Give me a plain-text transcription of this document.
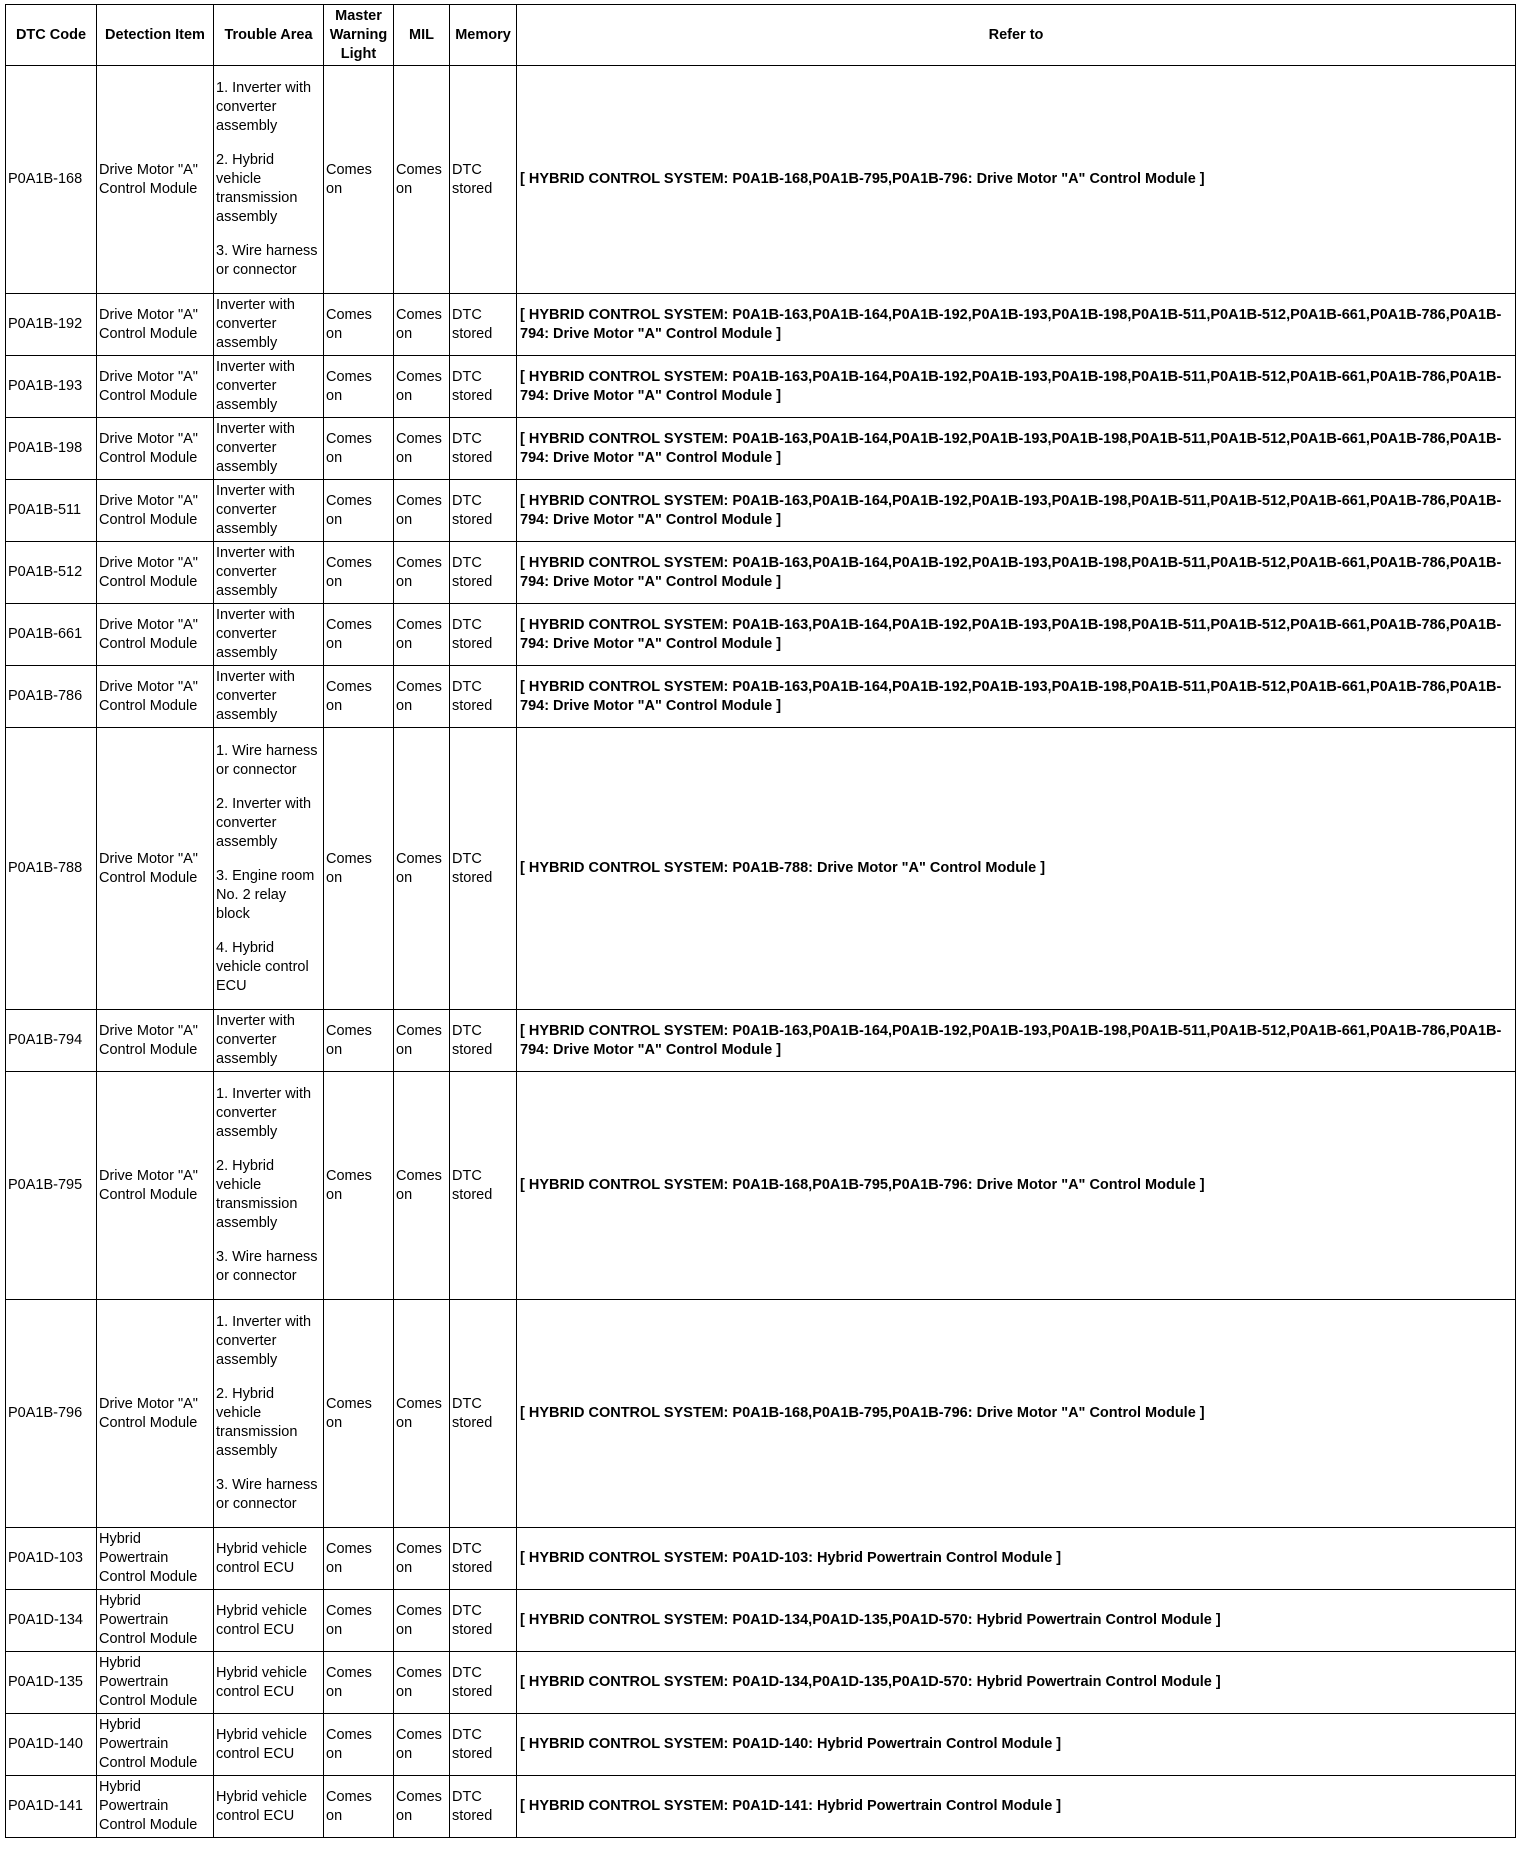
DTC Code	Detection Item	Trouble Area	Master Warning Light	MIL	Memory	Refer to
P0A1B-168	Drive Motor "A" Control Module	1. Inverter with converter assembly
2. Hybrid vehicle transmission assembly
3. Wire harness or connector	Comes on	Comes on	DTC stored	[ HYBRID CONTROL SYSTEM: P0A1B-168,P0A1B-795,P0A1B-796: Drive Motor "A" Control Module ]
P0A1B-192	Drive Motor "A" Control Module	Inverter with converter assembly	Comes on	Comes on	DTC stored	[ HYBRID CONTROL SYSTEM: P0A1B-163,P0A1B-164,P0A1B-192,P0A1B-193,P0A1B-198,P0A1B-511,P0A1B-512,P0A1B-661,P0A1B-786,P0A1B-794: Drive Motor "A" Control Module ]
P0A1B-193	Drive Motor "A" Control Module	Inverter with converter assembly	Comes on	Comes on	DTC stored	[ HYBRID CONTROL SYSTEM: P0A1B-163,P0A1B-164,P0A1B-192,P0A1B-193,P0A1B-198,P0A1B-511,P0A1B-512,P0A1B-661,P0A1B-786,P0A1B-794: Drive Motor "A" Control Module ]
P0A1B-198	Drive Motor "A" Control Module	Inverter with converter assembly	Comes on	Comes on	DTC stored	[ HYBRID CONTROL SYSTEM: P0A1B-163,P0A1B-164,P0A1B-192,P0A1B-193,P0A1B-198,P0A1B-511,P0A1B-512,P0A1B-661,P0A1B-786,P0A1B-794: Drive Motor "A" Control Module ]
P0A1B-511	Drive Motor "A" Control Module	Inverter with converter assembly	Comes on	Comes on	DTC stored	[ HYBRID CONTROL SYSTEM: P0A1B-163,P0A1B-164,P0A1B-192,P0A1B-193,P0A1B-198,P0A1B-511,P0A1B-512,P0A1B-661,P0A1B-786,P0A1B-794: Drive Motor "A" Control Module ]
P0A1B-512	Drive Motor "A" Control Module	Inverter with converter assembly	Comes on	Comes on	DTC stored	[ HYBRID CONTROL SYSTEM: P0A1B-163,P0A1B-164,P0A1B-192,P0A1B-193,P0A1B-198,P0A1B-511,P0A1B-512,P0A1B-661,P0A1B-786,P0A1B-794: Drive Motor "A" Control Module ]
P0A1B-661	Drive Motor "A" Control Module	Inverter with converter assembly	Comes on	Comes on	DTC stored	[ HYBRID CONTROL SYSTEM: P0A1B-163,P0A1B-164,P0A1B-192,P0A1B-193,P0A1B-198,P0A1B-511,P0A1B-512,P0A1B-661,P0A1B-786,P0A1B-794: Drive Motor "A" Control Module ]
P0A1B-786	Drive Motor "A" Control Module	Inverter with converter assembly	Comes on	Comes on	DTC stored	[ HYBRID CONTROL SYSTEM: P0A1B-163,P0A1B-164,P0A1B-192,P0A1B-193,P0A1B-198,P0A1B-511,P0A1B-512,P0A1B-661,P0A1B-786,P0A1B-794: Drive Motor "A" Control Module ]
P0A1B-788	Drive Motor "A" Control Module	1. Wire harness or connector
2. Inverter with converter assembly
3. Engine room No. 2 relay block
4. Hybrid vehicle control ECU	Comes on	Comes on	DTC stored	[ HYBRID CONTROL SYSTEM: P0A1B-788: Drive Motor "A" Control Module ]
P0A1B-794	Drive Motor "A" Control Module	Inverter with converter assembly	Comes on	Comes on	DTC stored	[ HYBRID CONTROL SYSTEM: P0A1B-163,P0A1B-164,P0A1B-192,P0A1B-193,P0A1B-198,P0A1B-511,P0A1B-512,P0A1B-661,P0A1B-786,P0A1B-794: Drive Motor "A" Control Module ]
P0A1B-795	Drive Motor "A" Control Module	1. Inverter with converter assembly
2. Hybrid vehicle transmission assembly
3. Wire harness or connector	Comes on	Comes on	DTC stored	[ HYBRID CONTROL SYSTEM: P0A1B-168,P0A1B-795,P0A1B-796: Drive Motor "A" Control Module ]
P0A1B-796	Drive Motor "A" Control Module	1. Inverter with converter assembly
2. Hybrid vehicle transmission assembly
3. Wire harness or connector	Comes on	Comes on	DTC stored	[ HYBRID CONTROL SYSTEM: P0A1B-168,P0A1B-795,P0A1B-796: Drive Motor "A" Control Module ]
P0A1D-103	Hybrid Powertrain Control Module	Hybrid vehicle control ECU	Comes on	Comes on	DTC stored	[ HYBRID CONTROL SYSTEM: P0A1D-103: Hybrid Powertrain Control Module ]
P0A1D-134	Hybrid Powertrain Control Module	Hybrid vehicle control ECU	Comes on	Comes on	DTC stored	[ HYBRID CONTROL SYSTEM: P0A1D-134,P0A1D-135,P0A1D-570: Hybrid Powertrain Control Module ]
P0A1D-135	Hybrid Powertrain Control Module	Hybrid vehicle control ECU	Comes on	Comes on	DTC stored	[ HYBRID CONTROL SYSTEM: P0A1D-134,P0A1D-135,P0A1D-570: Hybrid Powertrain Control Module ]
P0A1D-140	Hybrid Powertrain Control Module	Hybrid vehicle control ECU	Comes on	Comes on	DTC stored	[ HYBRID CONTROL SYSTEM: P0A1D-140: Hybrid Powertrain Control Module ]
P0A1D-141	Hybrid Powertrain Control Module	Hybrid vehicle control ECU	Comes on	Comes on	DTC stored	[ HYBRID CONTROL SYSTEM: P0A1D-141: Hybrid Powertrain Control Module ]
